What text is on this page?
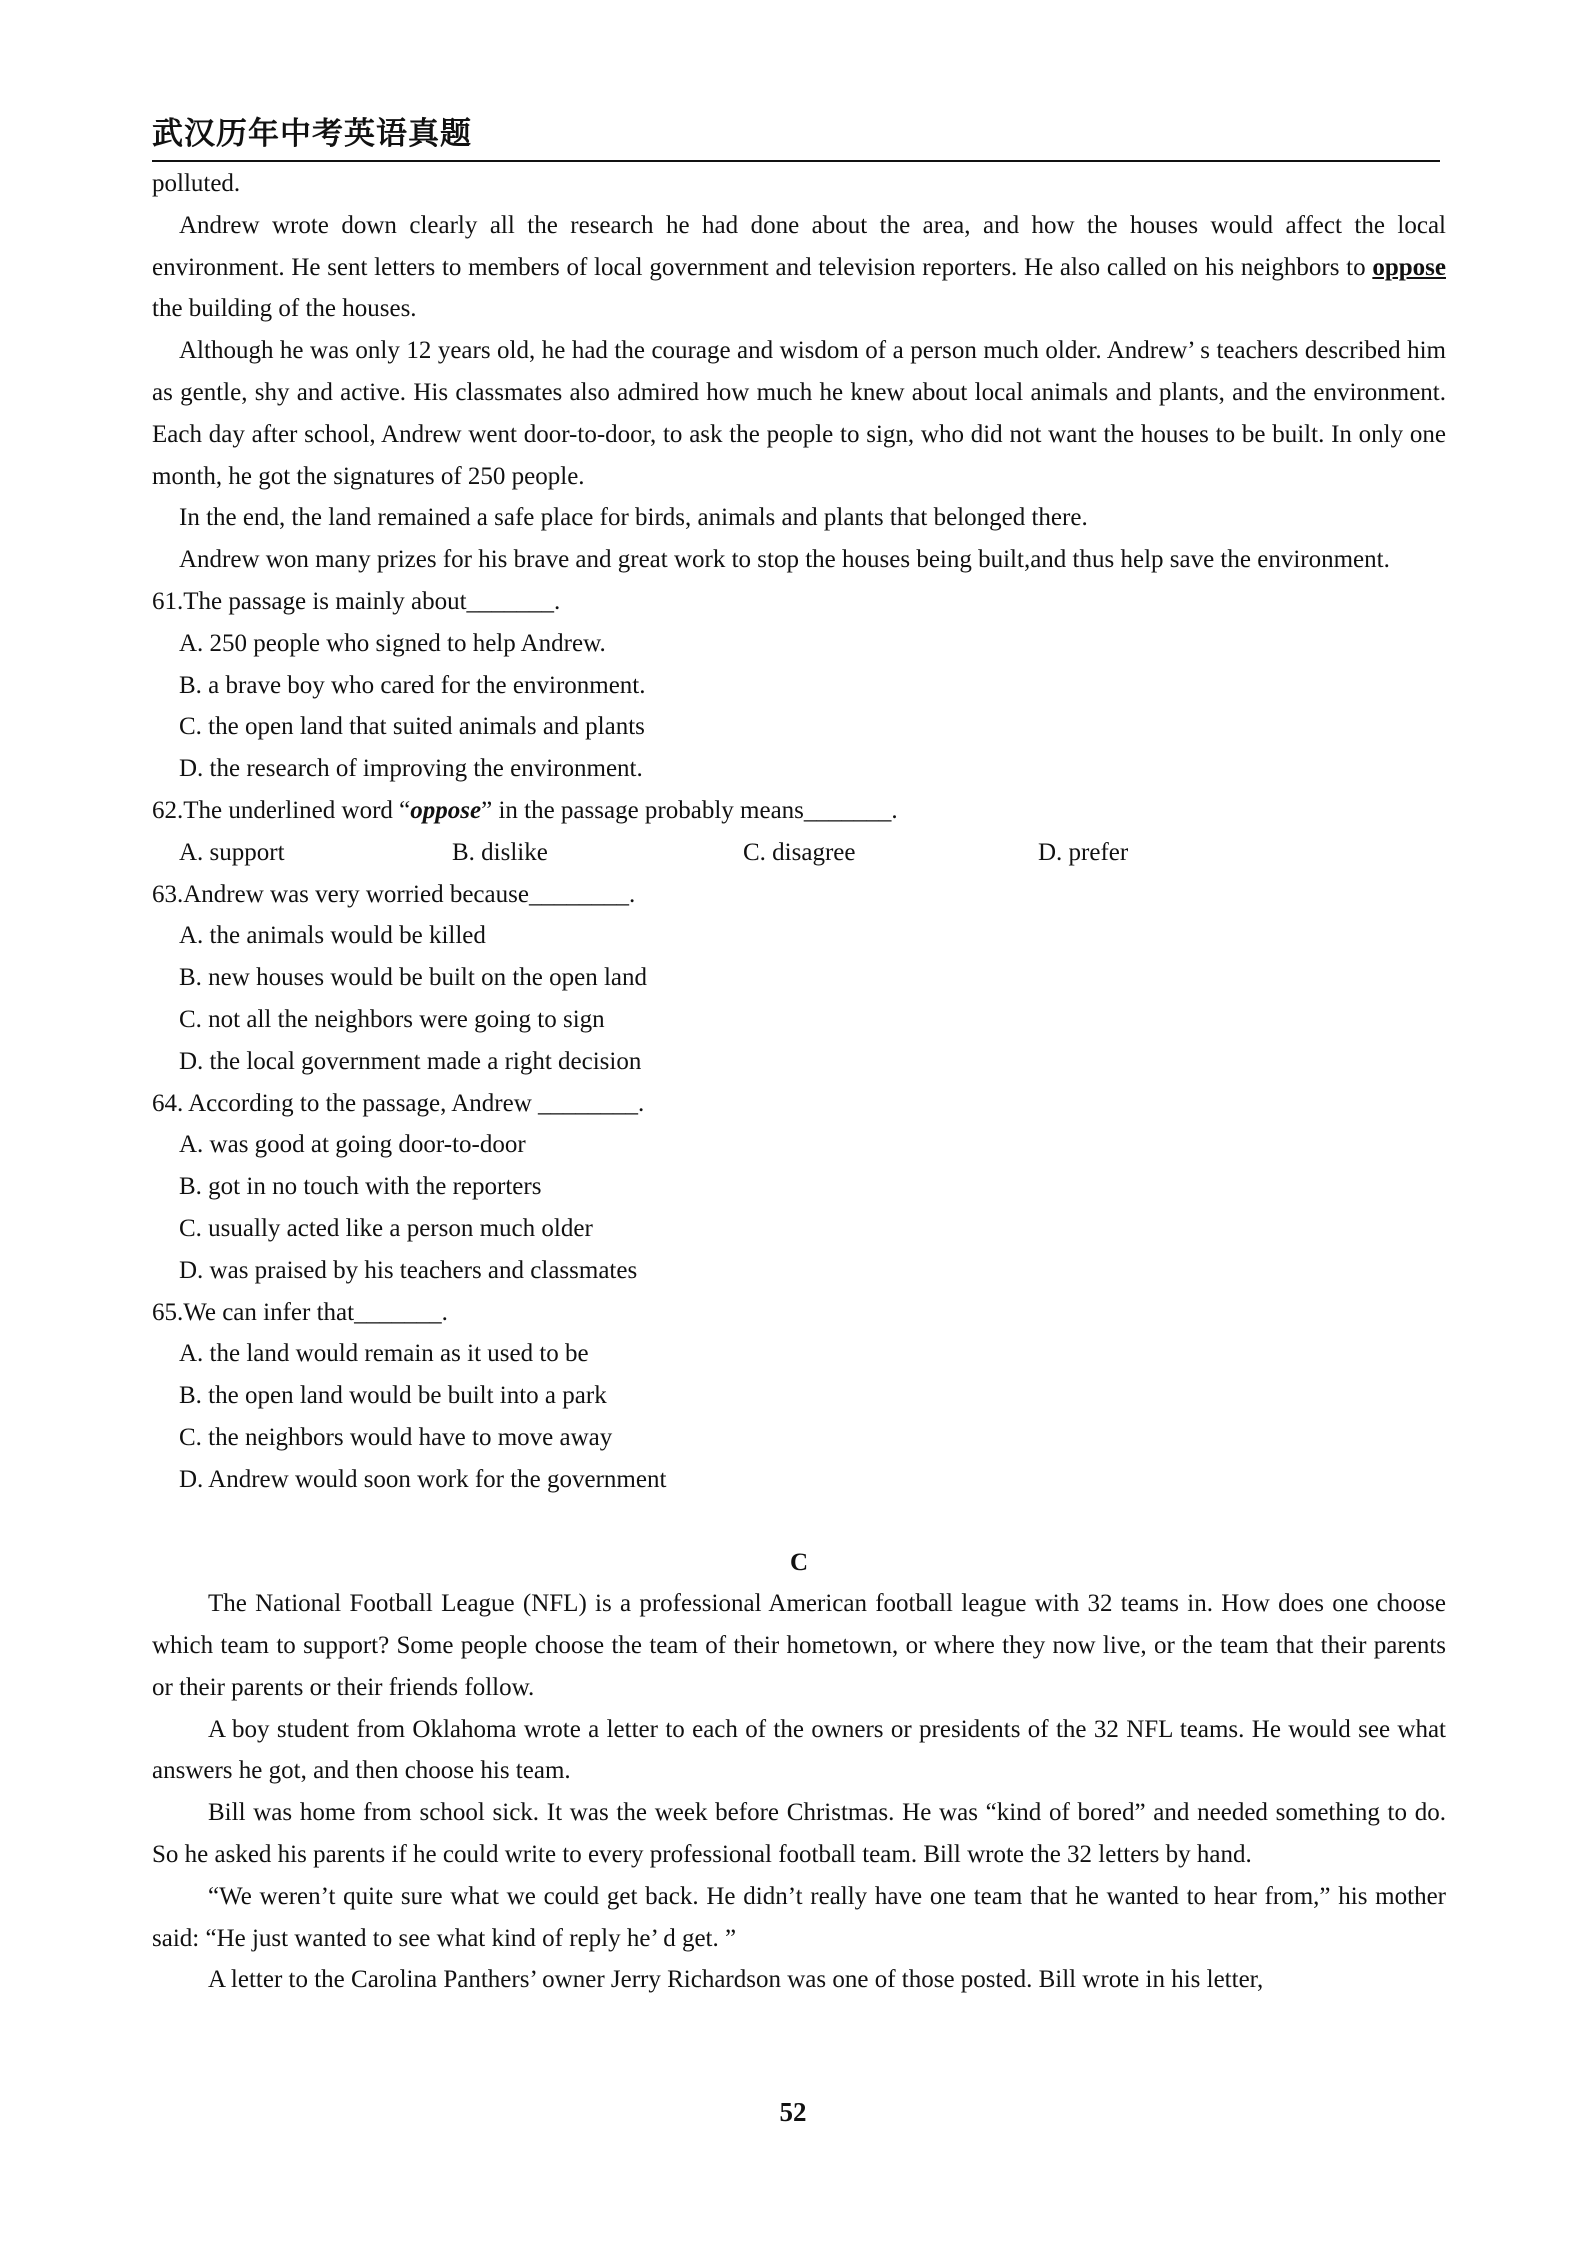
武汉历年中考英语真题

polluted.

Andrew wrote down clearly all the research he had done about the area, and how the houses would affect the local environment. He sent letters to members of local government and television reporters. He also called on his neighbors to oppose the building of the houses.

Although he was only 12 years old, he had the courage and wisdom of a person much older. Andrew’ s teachers described him as gentle, shy and active. His classmates also admired how much he knew about local animals and plants, and the environment. Each day after school, Andrew went door-to-door, to ask the people to sign, who did not want the houses to be built. In only one month, he got the signatures of 250 people.

In the end, the land remained a safe place for birds, animals and plants that belonged there.

Andrew won many prizes for his brave and great work to stop the houses being built,and thus help save the environment.

61.The passage is mainly about_______.

A. 250 people who signed to help Andrew.

B. a brave boy who cared for the environment.

C. the open land that suited animals and plants

D. the research of improving the environment.

62.The underlined word “oppose” in the passage probably means_______.

A. support	B. dislike	C. disagree	D. prefer

63.Andrew was very worried because________.

A. the animals would be killed

B. new houses would be built on the open land

C. not all the neighbors were going to sign

D. the local government made a right decision

64. According to the passage, Andrew ________.

A. was good at going door-to-door

B. got in no touch with the reporters

C. usually acted like a person much older

D. was praised by his teachers and classmates

65.We can infer that_______.

A. the land would remain as it used to be

B. the open land would be built into a park

C. the neighbors would have to move away

D. Andrew would soon work for the government

C

The National Football League (NFL) is a professional American football league with 32 teams in. How does one choose which team to support? Some people choose the team of their hometown, or where they now live, or the team that their parents or their parents or their friends follow.

A boy student from Oklahoma wrote a letter to each of the owners or presidents of the 32 NFL teams. He would see what answers he got, and then choose his team.

Bill was home from school sick. It was the week before Christmas. He was “kind of bored” and needed something to do. So he asked his parents if he could write to every professional football team. Bill wrote the 32 letters by hand.

“We weren’t quite sure what we could get back. He didn’t really have one team that he wanted to hear from,” his mother said: “He just wanted to see what kind of reply he’ d get. ”

A letter to the Carolina Panthers’ owner Jerry Richardson was one of those posted. Bill wrote in his letter,

52
